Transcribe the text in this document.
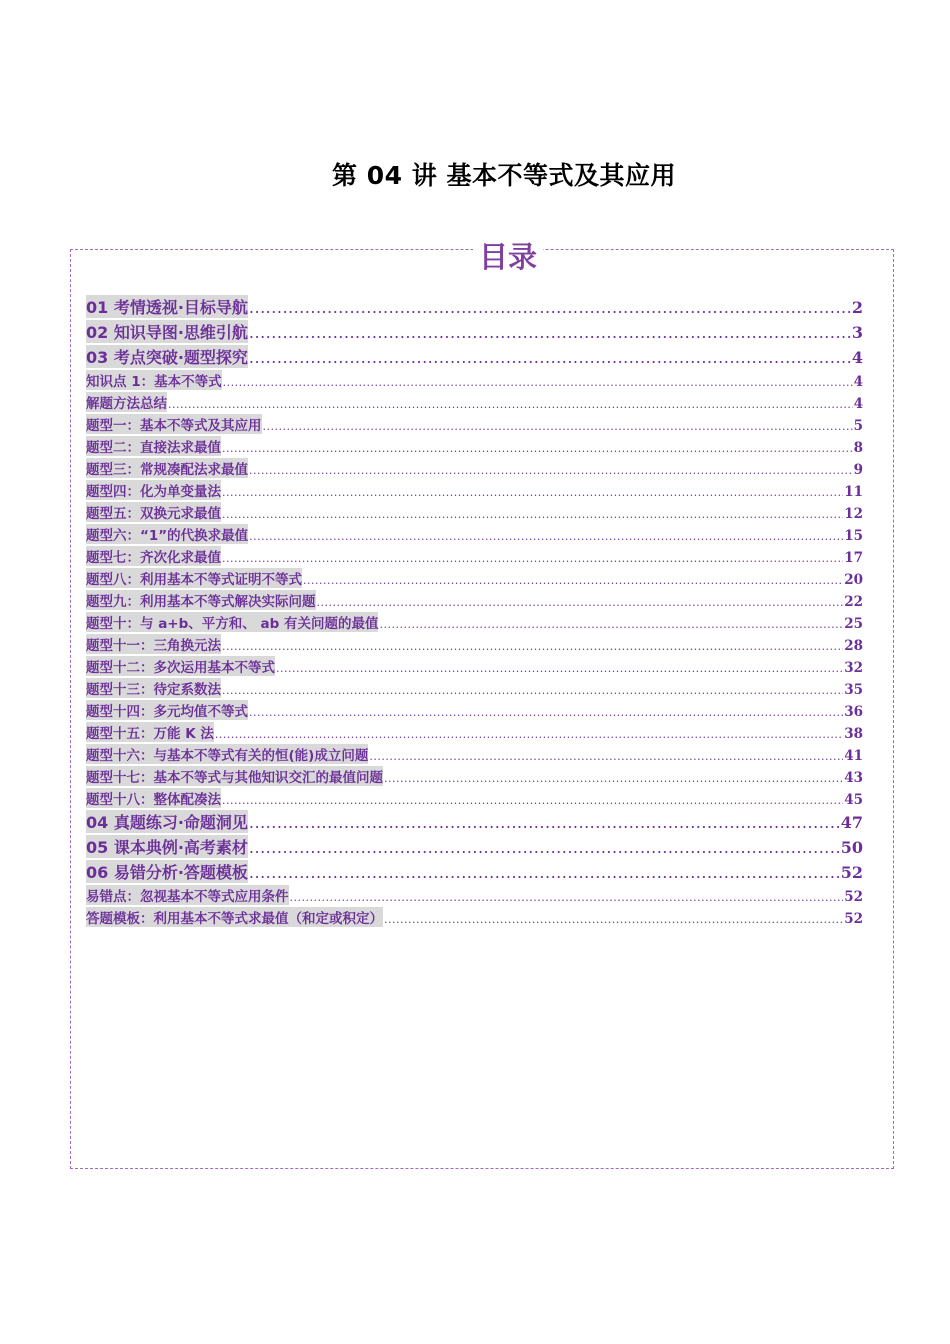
第 04 讲 基本不等式及其应用
目录
01 考情透视·目标导航 .....	2
02 知识导图·思维引航 .....	3
03 考点突破·题型探究 .....	4
知识点 1：基本不等式 .....	4
解题方法总结 .....	4
题型一：基本不等式及其应用 .....	5
题型二：直接法求最值 .....	8
题型三：常规凑配法求最值 .....	9
题型四：化为单变量法 .....	11
题型五：双换元求最值 .....	12
题型六：“1”的代换求最值 .....	15
题型七：齐次化求最值 .....	17
题型八：利用基本不等式证明不等式 .....	20
题型九：利用基本不等式解决实际问题 .....	22
题型十：与 a+b、平方和、 ab 有关问题的最值 .....	25
题型十一：三角换元法 .....	28
题型十二：多次运用基本不等式 .....	32
题型十三：待定系数法 .....	35
题型十四：多元均值不等式 .....	36
题型十五：万能 K 法 .....	38
题型十六：与基本不等式有关的恒(能)成立问题 .....	41
题型十七：基本不等式与其他知识交汇的最值问题 .....	43
题型十八：整体配凑法 .....	45
04 真题练习·命题洞见 .....	47
05 课本典例·高考素材 .....	50
06 易错分析·答题模板 .....	52
易错点：忽视基本不等式应用条件 .....	52
答题模板：利用基本不等式求最值（和定或积定） .....	52
